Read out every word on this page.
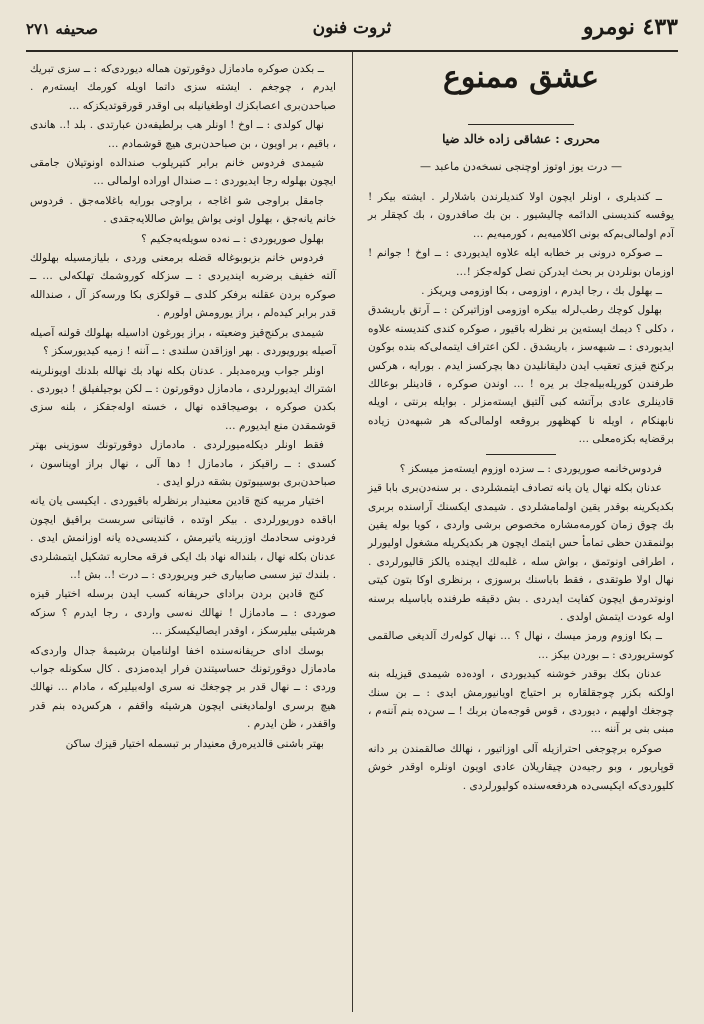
٤٣٣ نومرو
ثروت فنون
صحيفه ٢٧١
عشق ممنوع
محرری : عشاقی زاده خالد ضیا
— درت یوز اوتوز اوچنجی نسخه‌دن ماعبد —

ــ کندیلری ، اونلر ایچون اولا کندیلرندن باشلارلر . ایشته بیکر ! یوقسه کندیسنی الدائمه چالیشیور . بن بك صافدرون ، بك کچقلر بر آدم اولمالی‌بم‌که بونی اکلامیه‌یم ، کورمیه‌یم …

ــ صوکره درونی بر خطابه ایله علاوه ایدیوردی : ــ اوخ ! جوانم ! اوزمان بونلردن بر بحث ایدرکن نصل کوله‌جکز !…

ــ بهلول بك ، رجا ایدرم ، اوزومی ، بکا اوزومی ویریکز .

بهلول کوچك رطب‌لرله بیکره اوزومی اوزاتیرکن : ــ آرتق باریشدق ، دکلی ؟ دیمك ایسته‌ین بر نظرله باقیور ، صوکره کندی کندیسنه علاوه ایدیوردی : ــ شبهه‌سز ، باریشدق . لکن اعتراف ایتمه‌لی‌که بنده بوکون برکنج قیزی تعقیب ایدن دلیقانلیدن دها بچرکسز ایدم . بورایه ، هرکس طرفندن کوریله‌بیله‌جك بر یره ! … اوندن صوکره ، قادینلر بوعالك قادینلری عادی برآتشه کبی آلتیق ایسته‌مزلر . بوایله برنتی ، اویله نابهنکام ، اویله نا کهظهور بروقعه اولمالی‌که هر شبهه‌دن زیاده برقضایه بکزه‌معلی …

فردوس‌خانمه صوریوردی : ــ سزده اوزوم ایسته‌مز میسکز ؟

عدنان بکله نهال یان یانه تصادف ایتمشلردی . بر سنه‌دن‌بری بابا قیز بکدیکرینه بوقدر یقین اولمامشلردی . شیمدی ایکسنك آراسنده بربری بك چوق زمان کورمه‌مشاره مخصوص برشی واردی ، کویا بوله یقین بولنمقدن حظی تمامأ حس ایتمك ایچون هر بکدیکریله مشغول اولیورلر ، اطرافی اونوتمق ، بواش سله ، غلبه‌لك ایچنده یالکز قالیورلردی . نهال اولا طوتقدی ، فقط باباسنك برسوزی ، برنظری اوکا بتون کیتی اونوتدرمق ایچون کفایت ایدردی . بش دقیقه طرفنده باباسیله برسنه اوله عودت ایتمش اولدی .

ــ بکا اوزوم ورمز میسك ، نهال ؟ … نهال کوله‌رك آلدیغی صالقمی کوستریوردی : ــ بوردن بیکز …

عدنان بکك بوقدر خوشنه کیدیوردی ، اوده‌ده شیمدی قیزیله بنه اولکنه بکزر چوجقلقاره بر احتیاج اویانیورمش ایدی : ــ بن سنك چوجغك اولهیم ، دیوردی ، قوس قوجه‌مان بربك ! ــ سن‌ده بنم آننه‌م ، مبنی بنی بر آننه …

صوکره برچوجغی احترازیله آلی اوزاتیور ، نهالك صالقمندن بر دانه قوپاریور ، وبو رجیه‌دن چیقاریلان عادی اویون اونلره اوقدر خوش کلیوردی‌که ایکیسی‌ده هردفعه‌سنده کولیورلردی .

ــ بکدن صوکره مادمازل دوقورتون هماله دیوردی‌که : ــ سزی تبریك ایدرم ، چوجغم . ایشته سزی داتما اویله کورمك ایسته‌رم . صباحدن‌بری اعصابکزك اوطغیانیله بی اوقدر قورقوتدیکزکه …

نهال کولدی : ــ اوخ ! اونلر هب برلطیفه‌دن عبارتدی . بلد !.. هاندی ، باقیم ، بر اویون ، بن صباحدن‌بری هیچ قوشمادم …

شیمدی فردوس خانم برابر کتیریلوب صندالده اونوتیلان جامقی ایچون بهلوله رجا ایدیوردی : ــ صندال اوراده اولمالی …

جامقل براوجی شو اغاجه ، براوجی بورایه باغلامه‌جق . فردوس خانم یانه‌جق ، بهلول اونی یواش یواش صاللایه‌جقدی .

بهلول صوریوردی : ــ نه‌ده سویله‌یه‌جکیم ؟

فردوس خانم بزبوبوغاله قضله برمعنی وردی ، بلیازمسیله بهلولك آلته خفیف برضربه ایندیردی : ــ سزکله کوروشمك تهلکه‌لی … ــ صوکره بردن عقلنه برفکر کلدی ــ قولکزی بکا ورسه‌کز آل ، صندالله قدر برابر کیده‌لم ، براز یورومش اولورم .

شیمدی برکنج‌قیز وضعیته ، براز یورغون اداسیله بهلولك قولنه آصیله آصیله یورویوردی . بهر اوزاقدن سلندی : ــ آننه ! زمیه کیدیورسکز ؟

اونلر جواب ویره‌مدیلر . عدنان بکله نهاد بك نهالله بلدنك اویونلرینه اشتراك ایدیورلردی ، مادمازل دوقورتون : ــ لکن بوجیلفیلق ! دیوردی . بکدن صوکره ، بوصیجاقده نهال ، خسته اوله‌جقکز ، بلنه سزی قوشمقدن منع ایدیورم …

فقط اونلر دیکله‌میورلردی . مادمازل دوقورتونك سوزینی بهتر کسدی : ــ راقیکز ، مادمازل ! دها آلی ، نهال براز اویناسون ، صباحدن‌بری بوسیبوتون بشقه درلو ایدی .

اختیار مربیه کنج قادین معنیدار برنظرله باقیوردی . ایکیسی یان یانه اباقده دوریورلردی . بیکر اوتده ، قانیتانی سربست براقیق ایچون فردونی سحادمك اوزرینه یاتیرمش ، کندیسی‌ده یانه اوزانمش ایدی . عدنان بکله نهال ، بلنداله نهاد بك ایکی فرقه محاربه تشکیل ایتمشلردی . بلندك تیز سسی صابیاری خبر ویریوردی : ــ درت !.. بش !..

کنج قادین بردن برادای حریفانه کسب ایدن برسله اختیار قیزه صوردی : ــ مادمازل ! نهالك نه‌سی واردی ، رجا ایدرم ؟ سزکه هرشیئی بیلیرسکز ، اوقدر ایصالیکیسکز …

بوسك ادای حریفانه‌سنده اخفا اولنامیان برشیمه‌ٔ جدال واردی‌که مادمازل دوقورتونك حساسیتندن فرار ایده‌مزدی . کال سکونله جواب وردی : ــ نهال قدر بر چوجغك نه سری اوله‌بیلیرکه ، مادام ... نهالك هیچ برسری اولمادیغنی ایچون هرشیئه واقفم ، هرکس‌ده بنم قدر واقفدر ، ظن ایدرم .

بهتر باشنی قالدیره‌رق معنیدار بر تبسمله اختیار قیزك ساکن
